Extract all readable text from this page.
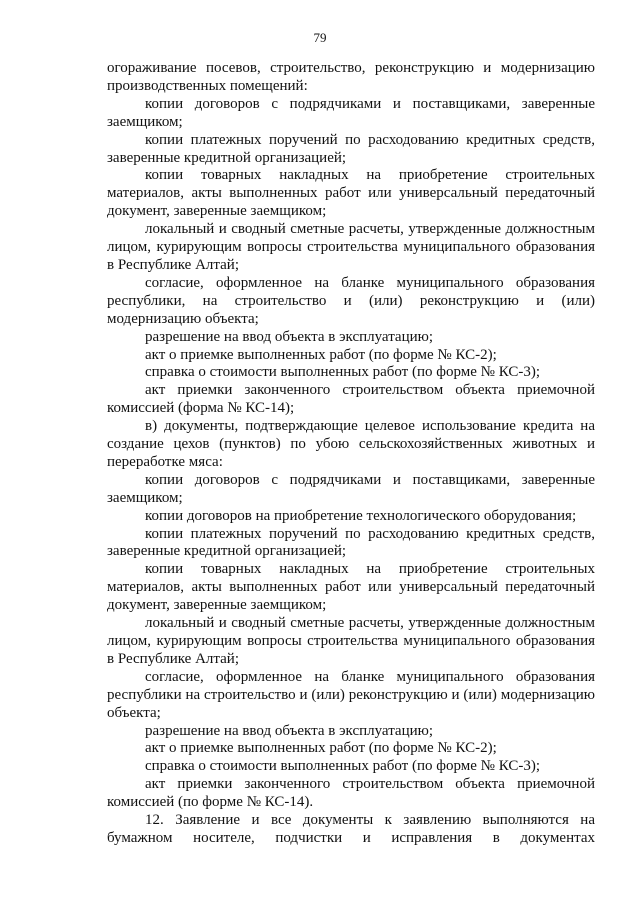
79

огораживание посевов, строительство, реконструкцию и модернизацию производственных помещений:

копии договоров с подрядчиками и поставщиками, заверенные заемщиком;

копии платежных поручений по расходованию кредитных средств, заверенные кредитной организацией;

копии товарных накладных на приобретение строительных материалов, акты выполненных работ или универсальный передаточный документ, заверенные заемщиком;

локальный и сводный сметные расчеты, утвержденные должностным лицом, курирующим вопросы строительства муниципального образования в Республике Алтай;

согласие, оформленное на бланке муниципального образования республики, на строительство и (или) реконструкцию и (или) модернизацию объекта;

разрешение на ввод объекта в эксплуатацию;

акт о приемке выполненных работ (по форме № КС-2);

справка о стоимости выполненных работ (по форме № КС-3);

акт приемки законченного строительством объекта приемочной комиссией (форма № КС-14);

в) документы, подтверждающие целевое использование кредита на создание цехов (пунктов) по убою сельскохозяйственных животных и переработке мяса:

копии договоров с подрядчиками и поставщиками, заверенные заемщиком;

копии договоров на приобретение технологического оборудования;

копии платежных поручений по расходованию кредитных средств, заверенные кредитной организацией;

копии товарных накладных на приобретение строительных материалов, акты выполненных работ или универсальный передаточный документ, заверенные заемщиком;

локальный и сводный сметные расчеты, утвержденные должностным лицом, курирующим вопросы строительства муниципального образования в Республике Алтай;

согласие, оформленное на бланке муниципального образования республики на строительство и (или) реконструкцию и (или) модернизацию объекта;

разрешение на ввод объекта в эксплуатацию;

акт о приемке выполненных работ (по форме № КС-2);

справка о стоимости выполненных работ (по форме № КС-3);

акт приемки законченного строительством объекта приемочной комиссией (по форме № КС-14).

12. Заявление и все документы к заявлению выполняются на бумажном носителе, подчистки и исправления в документах
